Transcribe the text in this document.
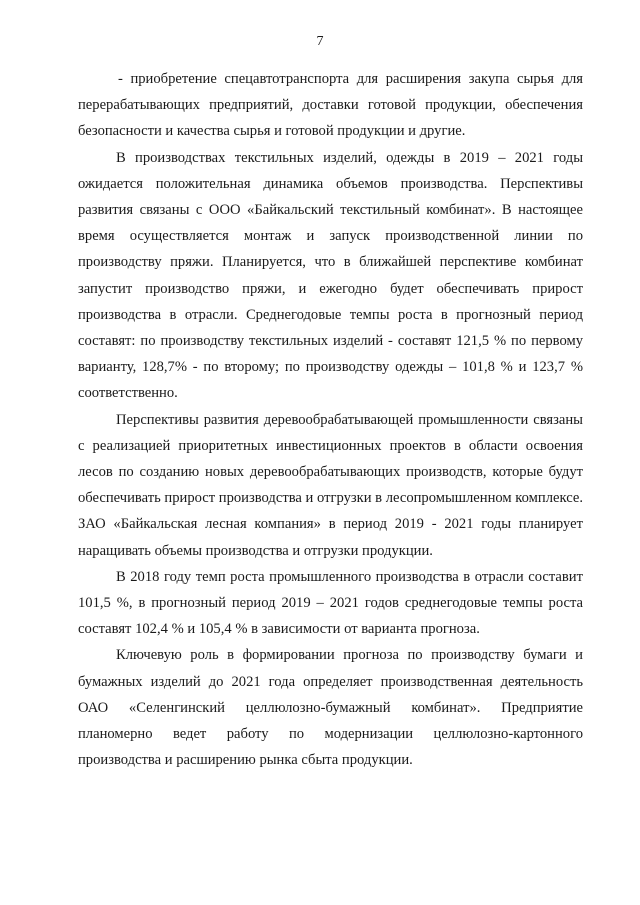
7

- приобретение спецавтотранспорта для расширения закупа сырья для перерабатывающих предприятий, доставки готовой продукции, обеспечения безопасности и качества сырья и готовой продукции и другие.

В производствах текстильных изделий, одежды в 2019 – 2021 годы ожидается положительная динамика объемов производства. Перспективы развития связаны с ООО «Байкальский текстильный комбинат». В настоящее время осуществляется монтаж и запуск производственной линии по производству пряжи. Планируется, что в ближайшей перспективе комбинат запустит производство пряжи, и ежегодно будет обеспечивать прирост производства в отрасли. Среднегодовые темпы роста в прогнозный период составят: по производству текстильных изделий - составят 121,5 % по первому варианту, 128,7% - по второму; по производству одежды – 101,8 % и 123,7 % соответственно.

Перспективы развития деревообрабатывающей промышленности связаны с реализацией приоритетных инвестиционных проектов в области освоения лесов по созданию новых деревообрабатывающих производств, которые будут обеспечивать прирост производства и отгрузки в лесопромышленном комплексе. ЗАО «Байкальская лесная компания» в период 2019 - 2021 годы планирует наращивать объемы производства и отгрузки продукции.

В 2018 году темп роста промышленного производства в отрасли составит 101,5 %, в прогнозный период 2019 – 2021 годов среднегодовые темпы роста составят 102,4 % и 105,4 % в зависимости от варианта прогноза.

Ключевую роль в формировании прогноза по производству бумаги и бумажных изделий до 2021 года определяет производственная деятельность ОАО «Селенгинский целлюлозно-бумажный комбинат». Предприятие планомерно ведет работу по модернизации целлюлозно-картонного производства и расширению рынка сбыта продукции.
